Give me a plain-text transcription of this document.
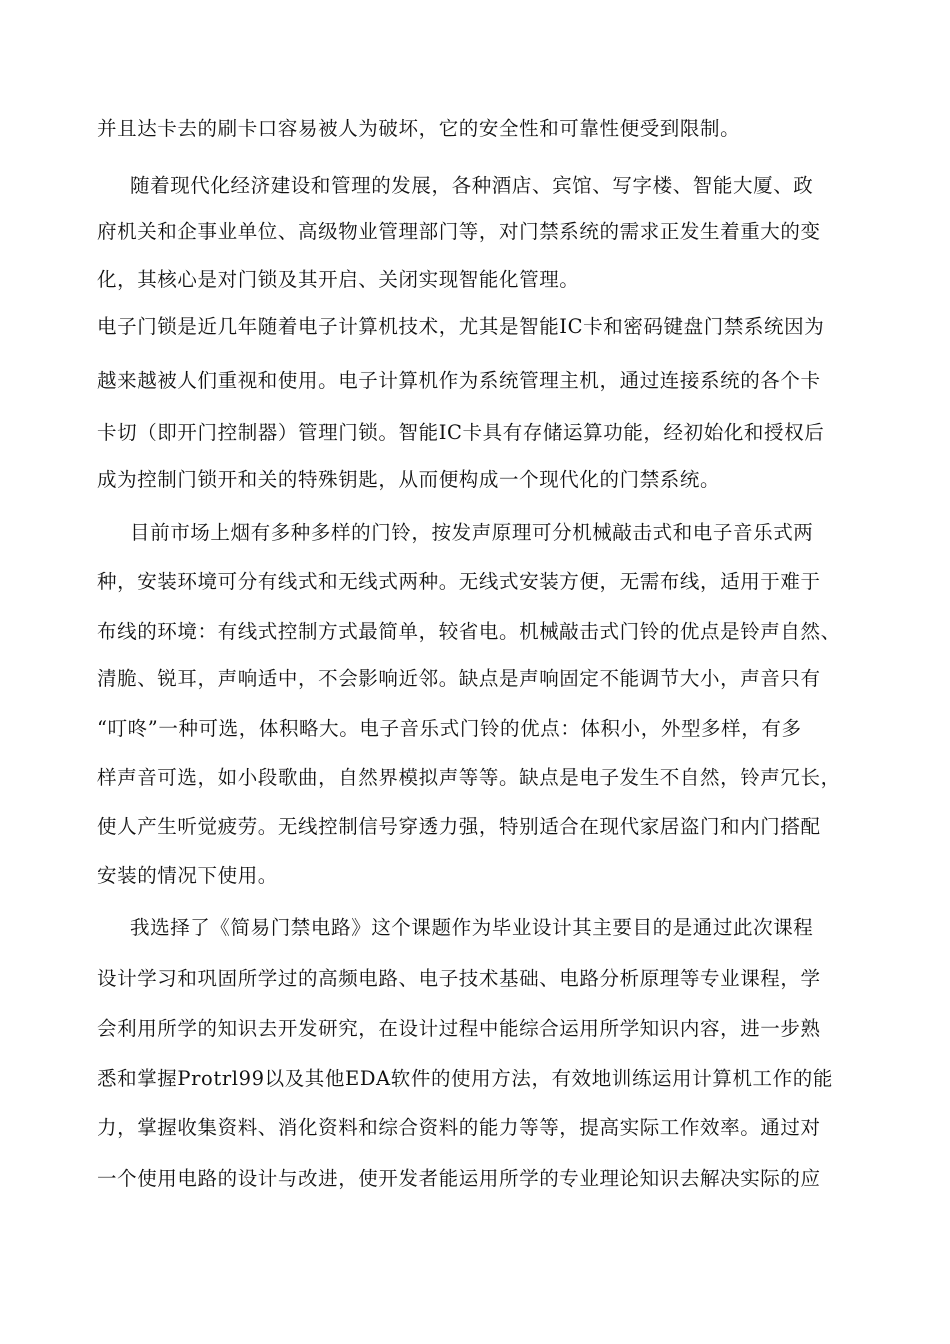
并且达卡去的刷卡口容易被人为破坏，它的安全性和可靠性便受到限制。
随着现代化经济建设和管理的发展，各种酒店、宾馆、写字楼、智能大厦、政
府机关和企事业单位、高级物业管理部门等，对门禁系统的需求正发生着重大的变
化，其核心是对门锁及其开启、关闭实现智能化管理。
电子门锁是近几年随着电子计算机技术，尤其是智能IC卡和密码键盘门禁系统因为
越来越被人们重视和使用。电子计算机作为系统管理主机，通过连接系统的各个卡
卡切（即开门控制器）管理门锁。智能IC卡具有存储运算功能，经初始化和授权后
成为控制门锁开和关的特殊钥匙，从而便构成一个现代化的门禁系统。
目前市场上烟有多种多样的门铃，按发声原理可分机械敲击式和电子音乐式两
种，安装环境可分有线式和无线式两种。无线式安装方便，无需布线，适用于难于
布线的环境：有线式控制方式最简单，较省电。机械敲击式门铃的优点是铃声自然、
清脆、锐耳，声响适中，不会影响近邻。缺点是声响固定不能调节大小，声音只有
“叮咚”一种可选，体积略大。电子音乐式门铃的优点：体积小，外型多样，有多
样声音可选，如小段歌曲，自然界模拟声等等。缺点是电子发生不自然，铃声冗长，
使人产生听觉疲劳。无线控制信号穿透力强，特别适合在现代家居盗门和内门搭配
安装的情况下使用。
我选择了《简易门禁电路》这个课题作为毕业设计其主要目的是通过此次课程
设计学习和巩固所学过的高频电路、电子技术基础、电路分析原理等专业课程，学
会利用所学的知识去开发研究，在设计过程中能综合运用所学知识内容，进一步熟
悉和掌握Protrl99以及其他EDA软件的使用方法，有效地训练运用计算机工作的能
力，掌握收集资料、消化资料和综合资料的能力等等，提高实际工作效率。通过对
一个使用电路的设计与改进，使开发者能运用所学的专业理论知识去解决实际的应
